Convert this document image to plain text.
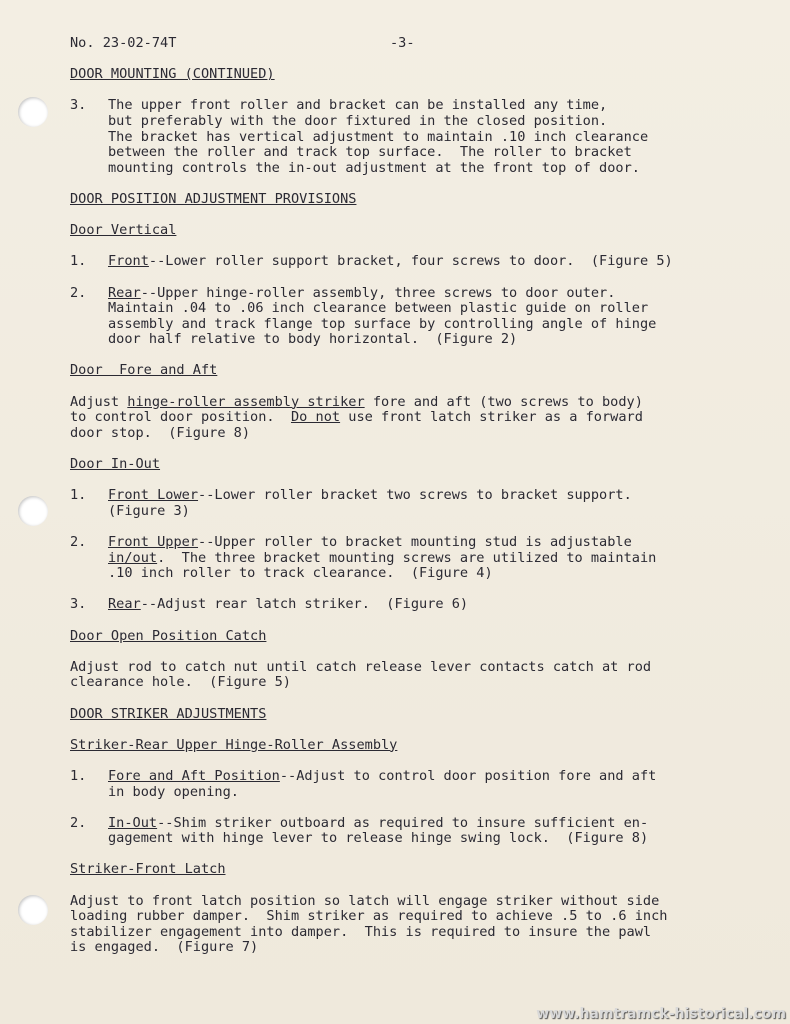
No. 23-02-74T	-3-
DOOR MOUNTING (CONTINUED)
3.	The upper front roller and bracket can be installed any time,
but preferably with the door fixtured in the closed position.
The bracket has vertical adjustment to maintain .10 inch clearance
between the roller and track top surface.  The roller to bracket
mounting controls the in-out adjustment at the front top of door.
DOOR POSITION ADJUSTMENT PROVISIONS
Door Vertical
1.	Front--Lower roller support bracket, four screws to door.  (Figure 5)
2.	Rear--Upper hinge-roller assembly, three screws to door outer.
Maintain .04 to .06 inch clearance between plastic guide on roller
assembly and track flange top surface by controlling angle of hinge
door half relative to body horizontal.  (Figure 2)
Door  Fore and Aft
Adjust hinge-roller assembly striker fore and aft (two screws to body)
to control door position.  Do not use front latch striker as a forward
door stop.  (Figure 8)
Door In-Out
1.	Front Lower--Lower roller bracket two screws to bracket support.
(Figure 3)
2.	Front Upper--Upper roller to bracket mounting stud is adjustable
in/out.  The three bracket mounting screws are utilized to maintain
.10 inch roller to track clearance.  (Figure 4)
3.	Rear--Adjust rear latch striker.  (Figure 6)
Door Open Position Catch
Adjust rod to catch nut until catch release lever contacts catch at rod
clearance hole.  (Figure 5)
DOOR STRIKER ADJUSTMENTS
Striker-Rear Upper Hinge-Roller Assembly
1.	Fore and Aft Position--Adjust to control door position fore and aft
in body opening.
2.	In-Out--Shim striker outboard as required to insure sufficient en-
gagement with hinge lever to release hinge swing lock.  (Figure 8)
Striker-Front Latch
Adjust to front latch position so latch will engage striker without side
loading rubber damper.  Shim striker as required to achieve .5 to .6 inch
stabilizer engagement into damper.  This is required to insure the pawl
is engaged.  (Figure 7)
www.hamtramck-historical.com
